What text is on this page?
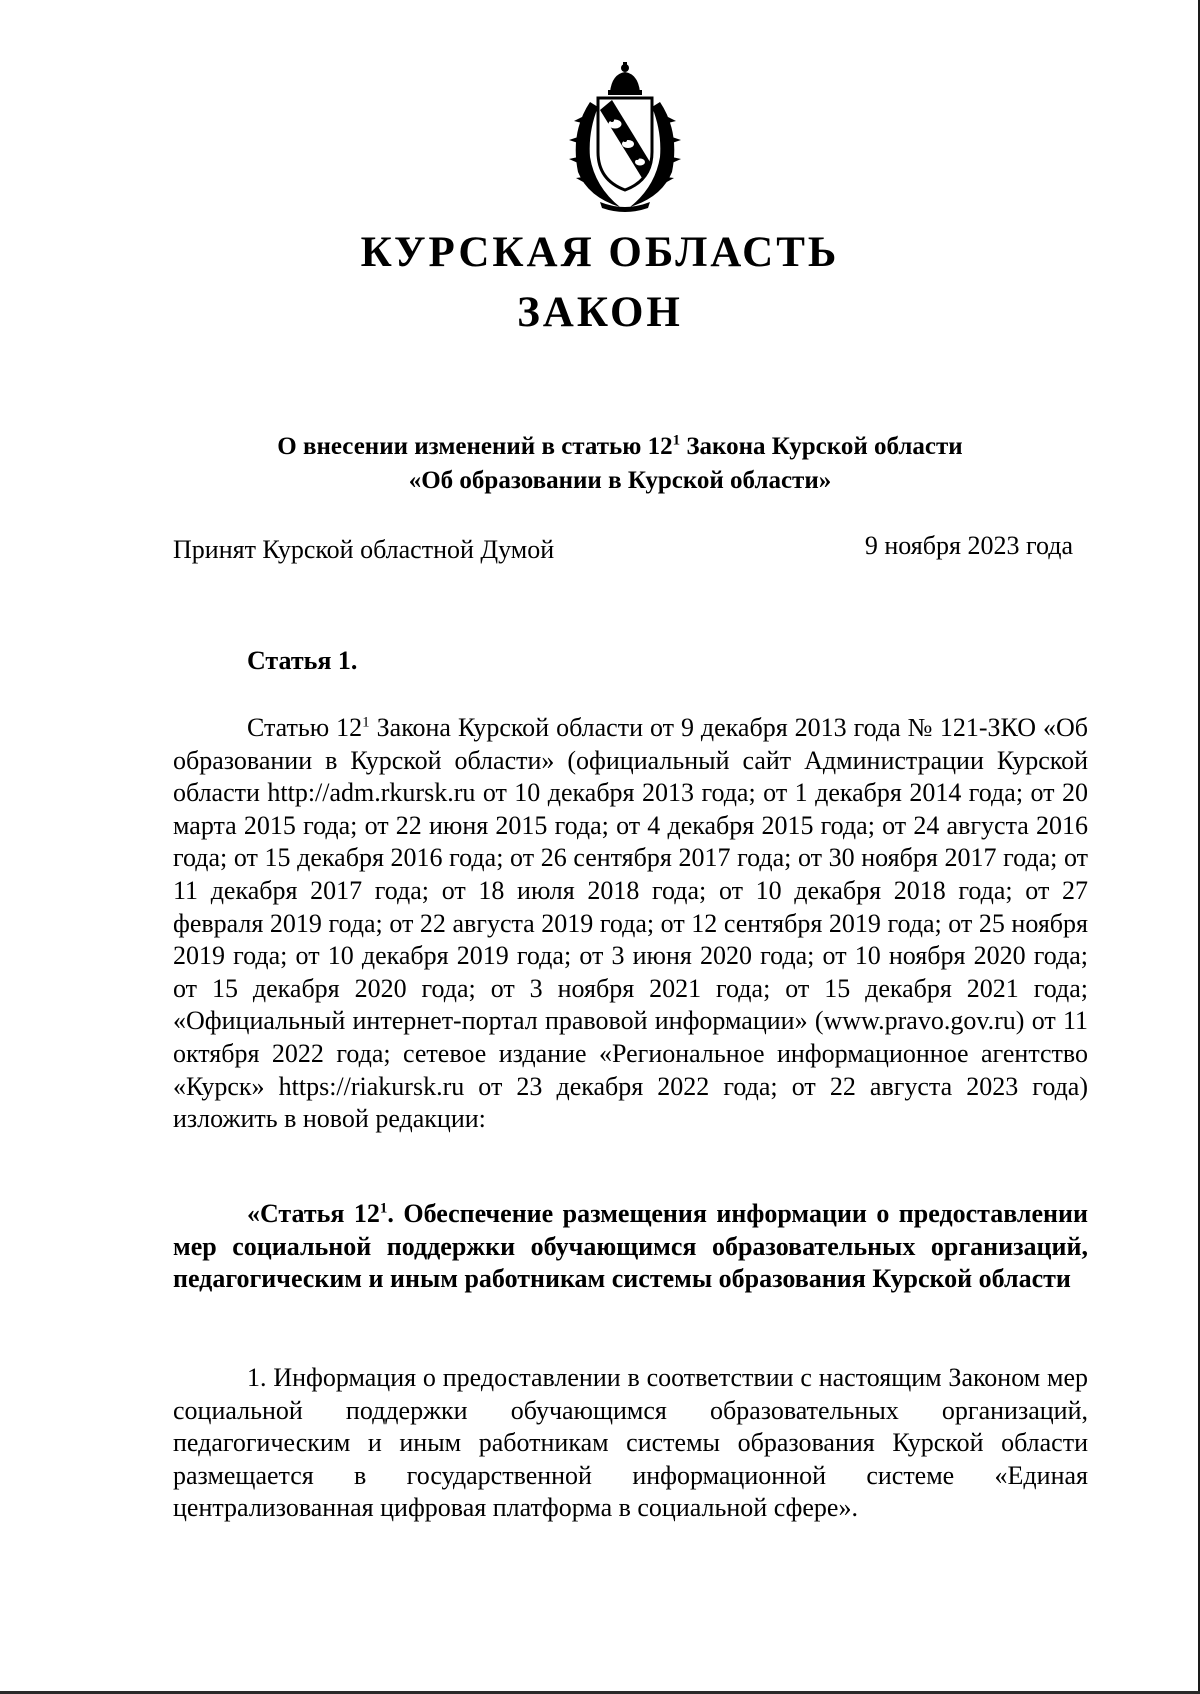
КУРСКАЯ ОБЛАСТЬ
ЗАКОН
О внесении изменений в статью $12^1$ Закона Курской области
«Об образовании в Курской области»
Принят Курской областной Думой	9 ноября 2023 года
Статья 1.
Статью $12^1$ Закона Курской области от 9 декабря 2013 года № 121-ЗКО «Об образовании в Курской области» (официальный сайт Администрации Курской области http://adm.rkursk.ru от 10 декабря 2013 года; от 1 декабря 2014 года; от 20 марта 2015 года; от 22 июня 2015 года; от 4 декабря 2015 года; от 24 августа 2016 года; от 15 декабря 2016 года; от 26 сентября 2017 года; от 30 ноября 2017 года; от 11 декабря 2017 года; от 18 июля 2018 года; от 10 декабря 2018 года; от 27 февраля 2019 года; от 22 августа 2019 года; от 12 сентября 2019 года; от 25 ноября 2019 года; от 10 декабря 2019 года; от 3 июня 2020 года; от 10 ноября 2020 года; от 15 декабря 2020 года; от 3 ноября 2021 года; от 15 декабря 2021 года; «Официальный интернет-портал правовой информации» (www.pravo.gov.ru) от 11 октября 2022 года; сетевое издание «Региональное информационное агентство «Курск» https://riakursk.ru от 23 декабря 2022 года; от 22 августа 2023 года) изложить в новой редакции:
«Статья $12^1$. Обеспечение размещения информации о предоставлении мер социальной поддержки обучающимся образовательных организаций, педагогическим и иным работникам системы образования Курской области
1. Информация о предоставлении в соответствии с настоящим Законом мер социальной поддержки обучающимся образовательных организаций, педагогическим и иным работникам системы образования Курской области размещается в государственной информационной системе «Единая централизованная цифровая платформа в социальной сфере».
